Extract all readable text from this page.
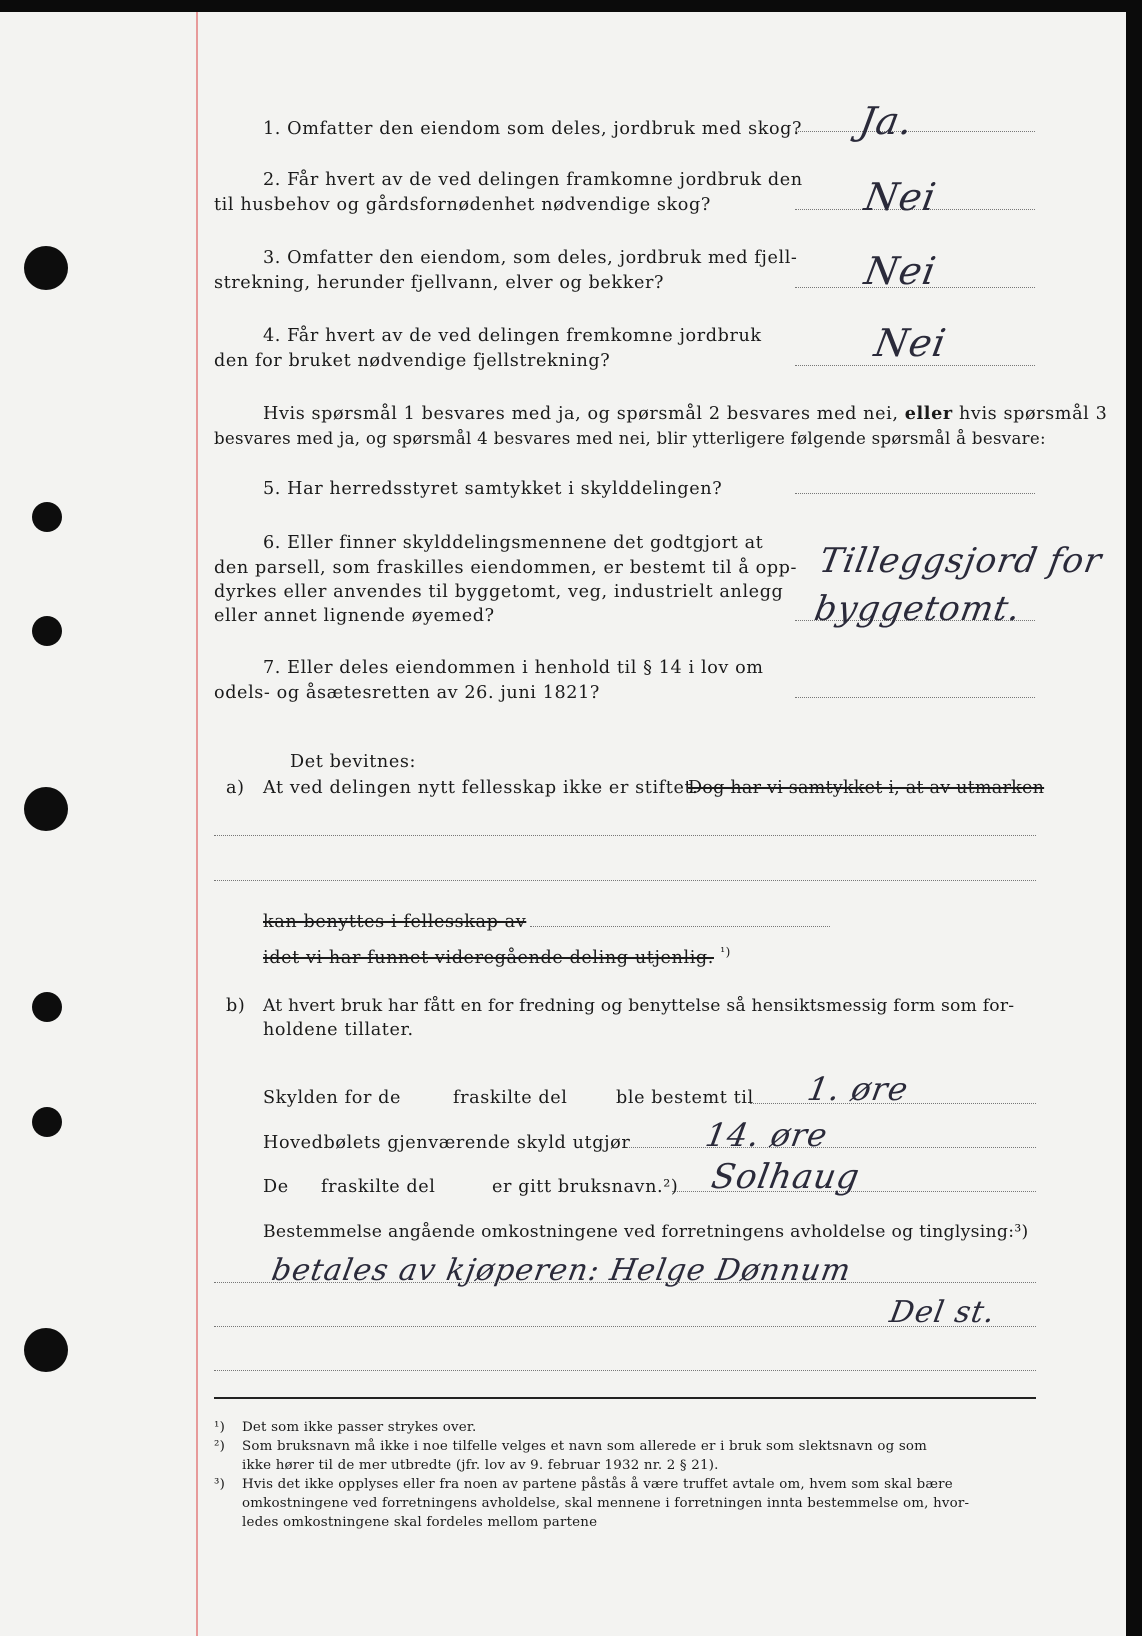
1. Omfatter den eiendom som deles, jordbruk med skog? Ja.
2. Får hvert av de ved delingen framkomne jordbruk den
til husbehov og gårdsfornødenhet nødvendige skog?	Nei
3. Omfatter den eiendom, som deles, jordbruk med fjell-
strekning, herunder fjellvann, elver og bekker?	Nei
4. Får hvert av de ved delingen fremkomne jordbruk
den for bruket nødvendige fjellstrekning?	Nei
Hvis spørsmål 1 besvares med ja, og spørsmål 2 besvares med nei, eller hvis spørsmål 3
besvares med ja, og spørsmål 4 besvares med nei, blir ytterligere følgende spørsmål å besvare:
5. Har herredsstyret samtykket i skylddelingen?
6. Eller finner skylddelingsmennene det godtgjort at
den parsell, som fraskilles eiendommen, er bestemt til å opp-
dyrkes eller anvendes til byggetomt, veg, industrielt anlegg
eller annet lignende øyemed?
Tilleggsjord for
byggetomt.
7. Eller deles eiendommen i henhold til § 14 i lov om
odels- og åsætesretten av 26. juni 1821?
Det bevitnes:
a) At ved delingen nytt fellesskap ikke er stiftet.
Dog har vi samtykket i, at av utmarken
kan benyttes i fellesskap av
idet vi har funnet videregående deling utjenlig. $^{^1)}$
b) At hvert bruk har fått en for fredning og benyttelse så hensiktsmessig form som for-
holdene tillater.
Skylden for de	fraskilte del	ble bestemt til 1. øre
Hovedbølets gjenværende skyld utgjør 14. øre
De fraskilte del	er gitt bruksnavn.²) Solhaug
Bestemmelse angående omkostningene ved forretningens avholdelse og tinglysing:³)
betales av kjøperen: Helge Dønnum
Del st.
¹) Det som ikke passer strykes over.
²) Som bruksnavn må ikke i noe tilfelle velges et navn som allerede er i bruk som slektsnavn og som
ikke hører til de mer utbredte (jfr. lov av 9. februar 1932 nr. 2 § 21).
³) Hvis det ikke opplyses eller fra noen av partene påstås å være truffet avtale om, hvem som skal bære
omkostningene ved forretningens avholdelse, skal mennene i forretningen innta bestemmelse om, hvor-
ledes omkostningene skal fordeles mellom partene
